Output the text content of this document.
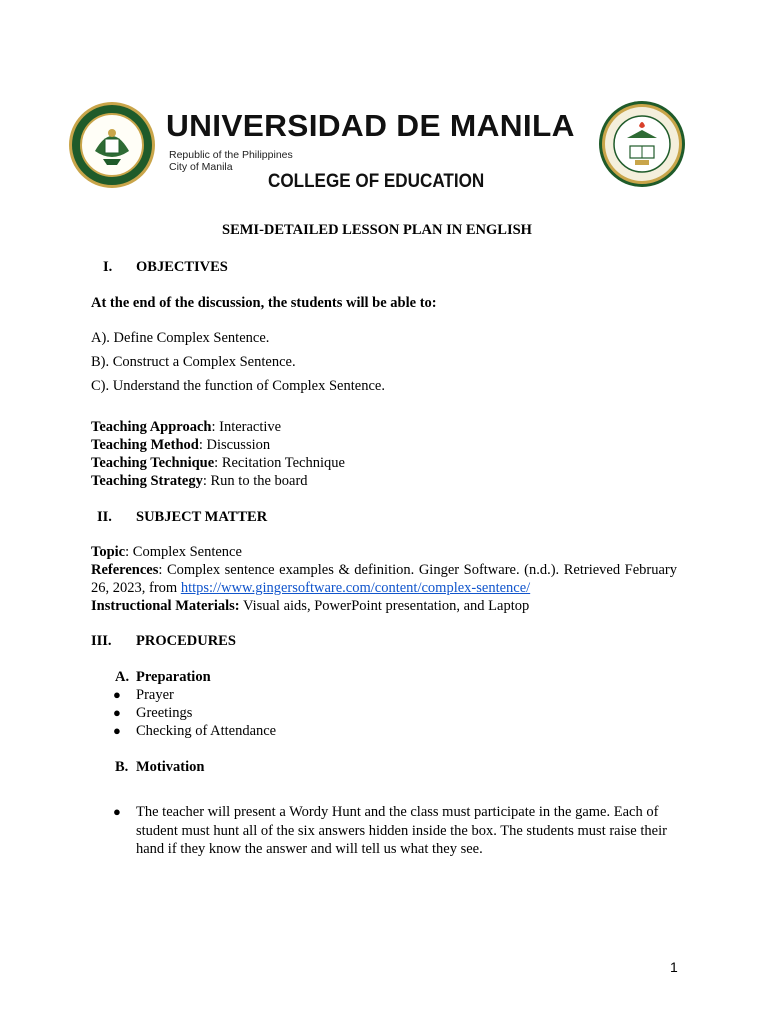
UNIVERSIDAD DE MANILA
Republic of the Philippines
City of Manila
COLLEGE OF EDUCATION
SEMI-DETAILED LESSON PLAN IN ENGLISH
I. OBJECTIVES
At the end of the discussion, the students will be able to:
A). Define Complex Sentence.
B). Construct a Complex Sentence.
C). Understand the function of Complex Sentence.
Teaching Approach: Interactive
Teaching Method: Discussion
Teaching Technique: Recitation Technique
Teaching Strategy: Run to the board
II. SUBJECT MATTER
Topic: Complex Sentence
References: Complex sentence examples & definition. Ginger Software. (n.d.). Retrieved February 26, 2023, from https://www.gingersoftware.com/content/complex-sentence/
Instructional Materials: Visual aids, PowerPoint presentation, and Laptop
III. PROCEDURES
A. Preparation
● Prayer
● Greetings
● Checking of Attendance
B. Motivation
● The teacher will present a Wordy Hunt and the class must participate in the game. Each of student must hunt all of the six answers hidden inside the box. The students must raise their hand if they know the answer and will tell us what they see.
1
